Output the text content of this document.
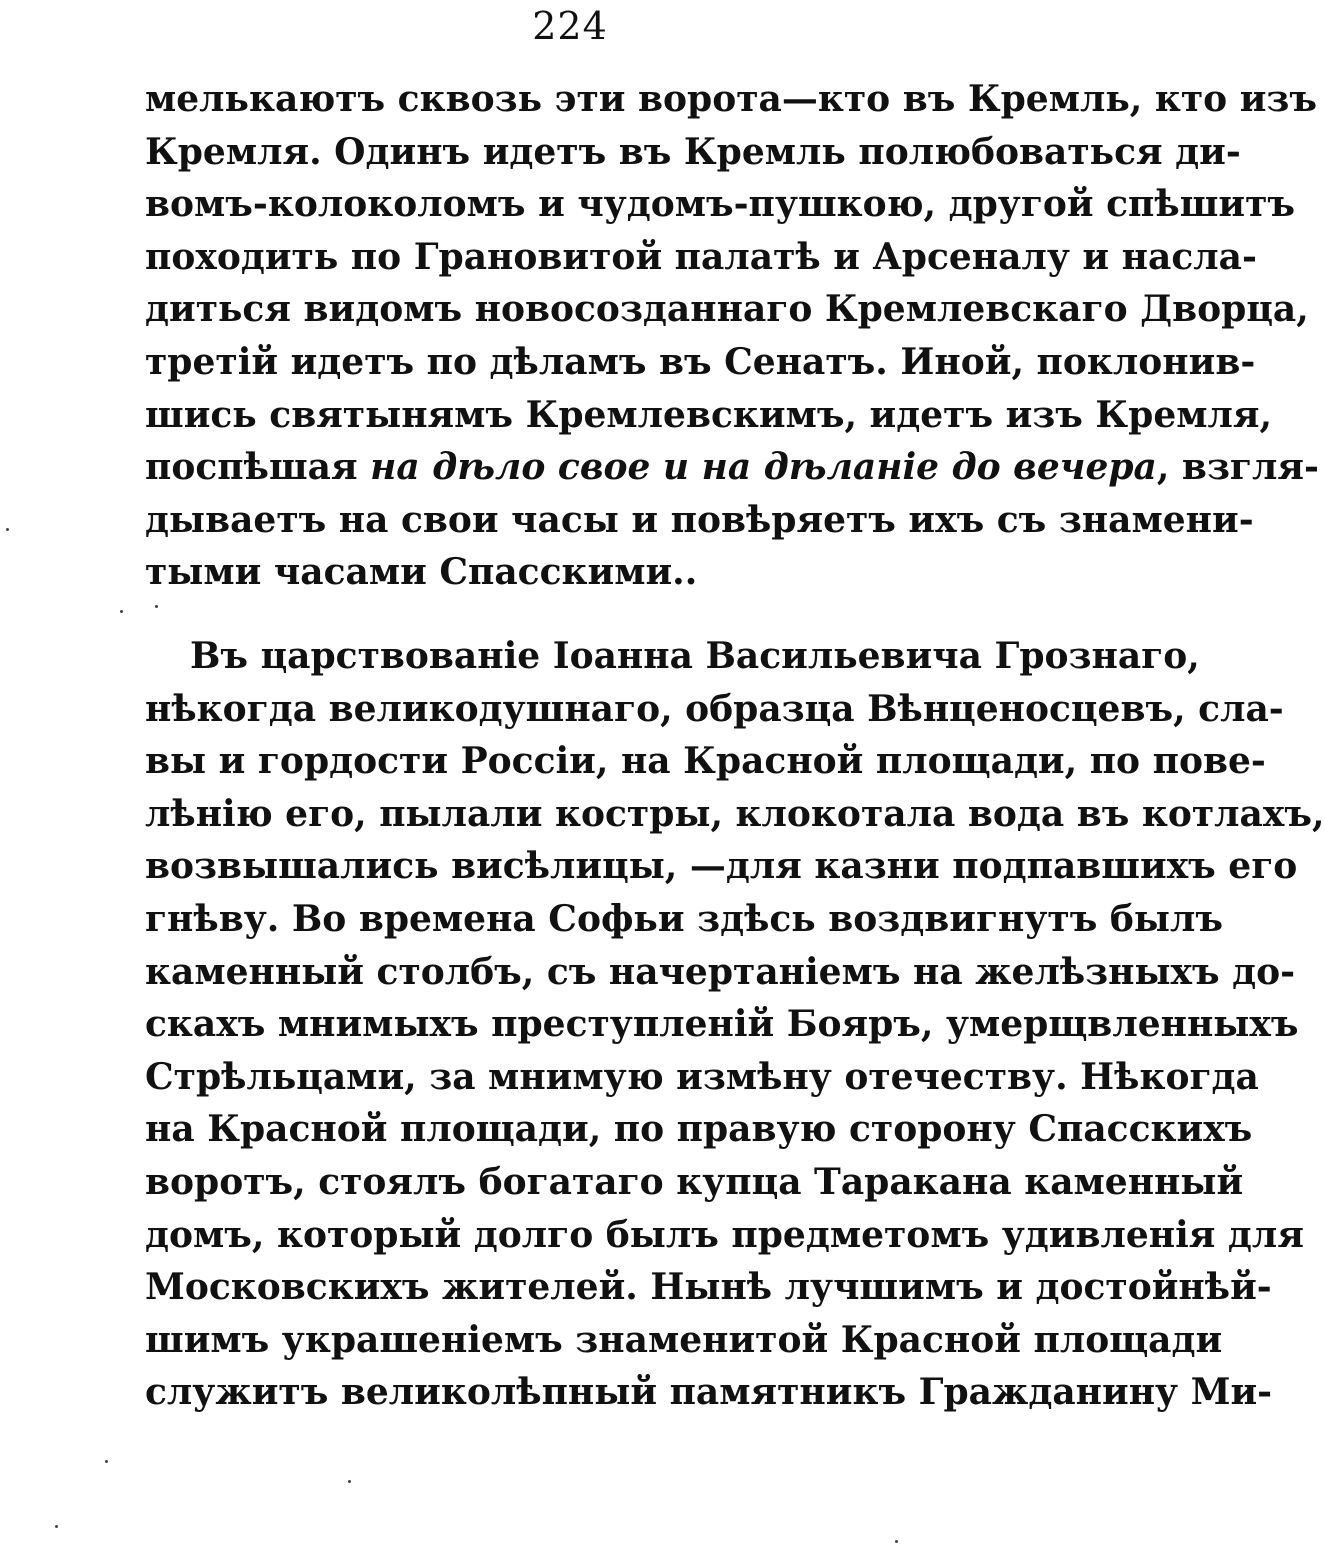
224
мелькаютъ сквозь эти ворота—кто въ Кремль, кто изъ
Кремля. Одинъ идетъ въ Кремль полюбоваться ди-
вомъ-колоколомъ и чудомъ-пушкою, другой спѣшитъ
походить по Грановитой палатѣ и Арсеналу и насла-
диться видомъ новосозданнаго Кремлевскаго Дворца,
третій идетъ по дѣламъ въ Сенатъ. Иной, поклонив-
шись святынямъ Кремлевскимъ, идетъ изъ Кремля,
поспѣшая на дѣло свое и на дѣланіе до вечера, взгля-
дываетъ на свои часы и повѣряетъ ихъ съ знамени-
тыми часами Спасскими..
Въ царствованіе Іоанна Васильевича Грознаго,
нѣкогда великодушнаго, образца Вѣнценосцевъ, сла-
вы и гордости Россіи, на Красной площади, по пове-
лѣнію его, пылали костры, клокотала вода въ котлахъ,
возвышались висѣлицы, —для казни подпавшихъ его
гнѣву. Во времена Софьи здѣсь воздвигнутъ былъ
каменный столбъ, съ начертаніемъ на желѣзныхъ до-
скахъ мнимыхъ преступленій Бояръ, умерщвленныхъ
Стрѣльцами, за мнимую измѣну отечеству. Нѣкогда
на Красной площади, по правую сторону Спасскихъ
воротъ, стоялъ богатаго купца Таракана каменный
домъ, который долго былъ предметомъ удивленія для
Московскихъ жителей. Нынѣ лучшимъ и достойнѣй-
шимъ украшеніемъ знаменитой Красной площади
служитъ великолѣпный памятникъ Гражданину Ми-
